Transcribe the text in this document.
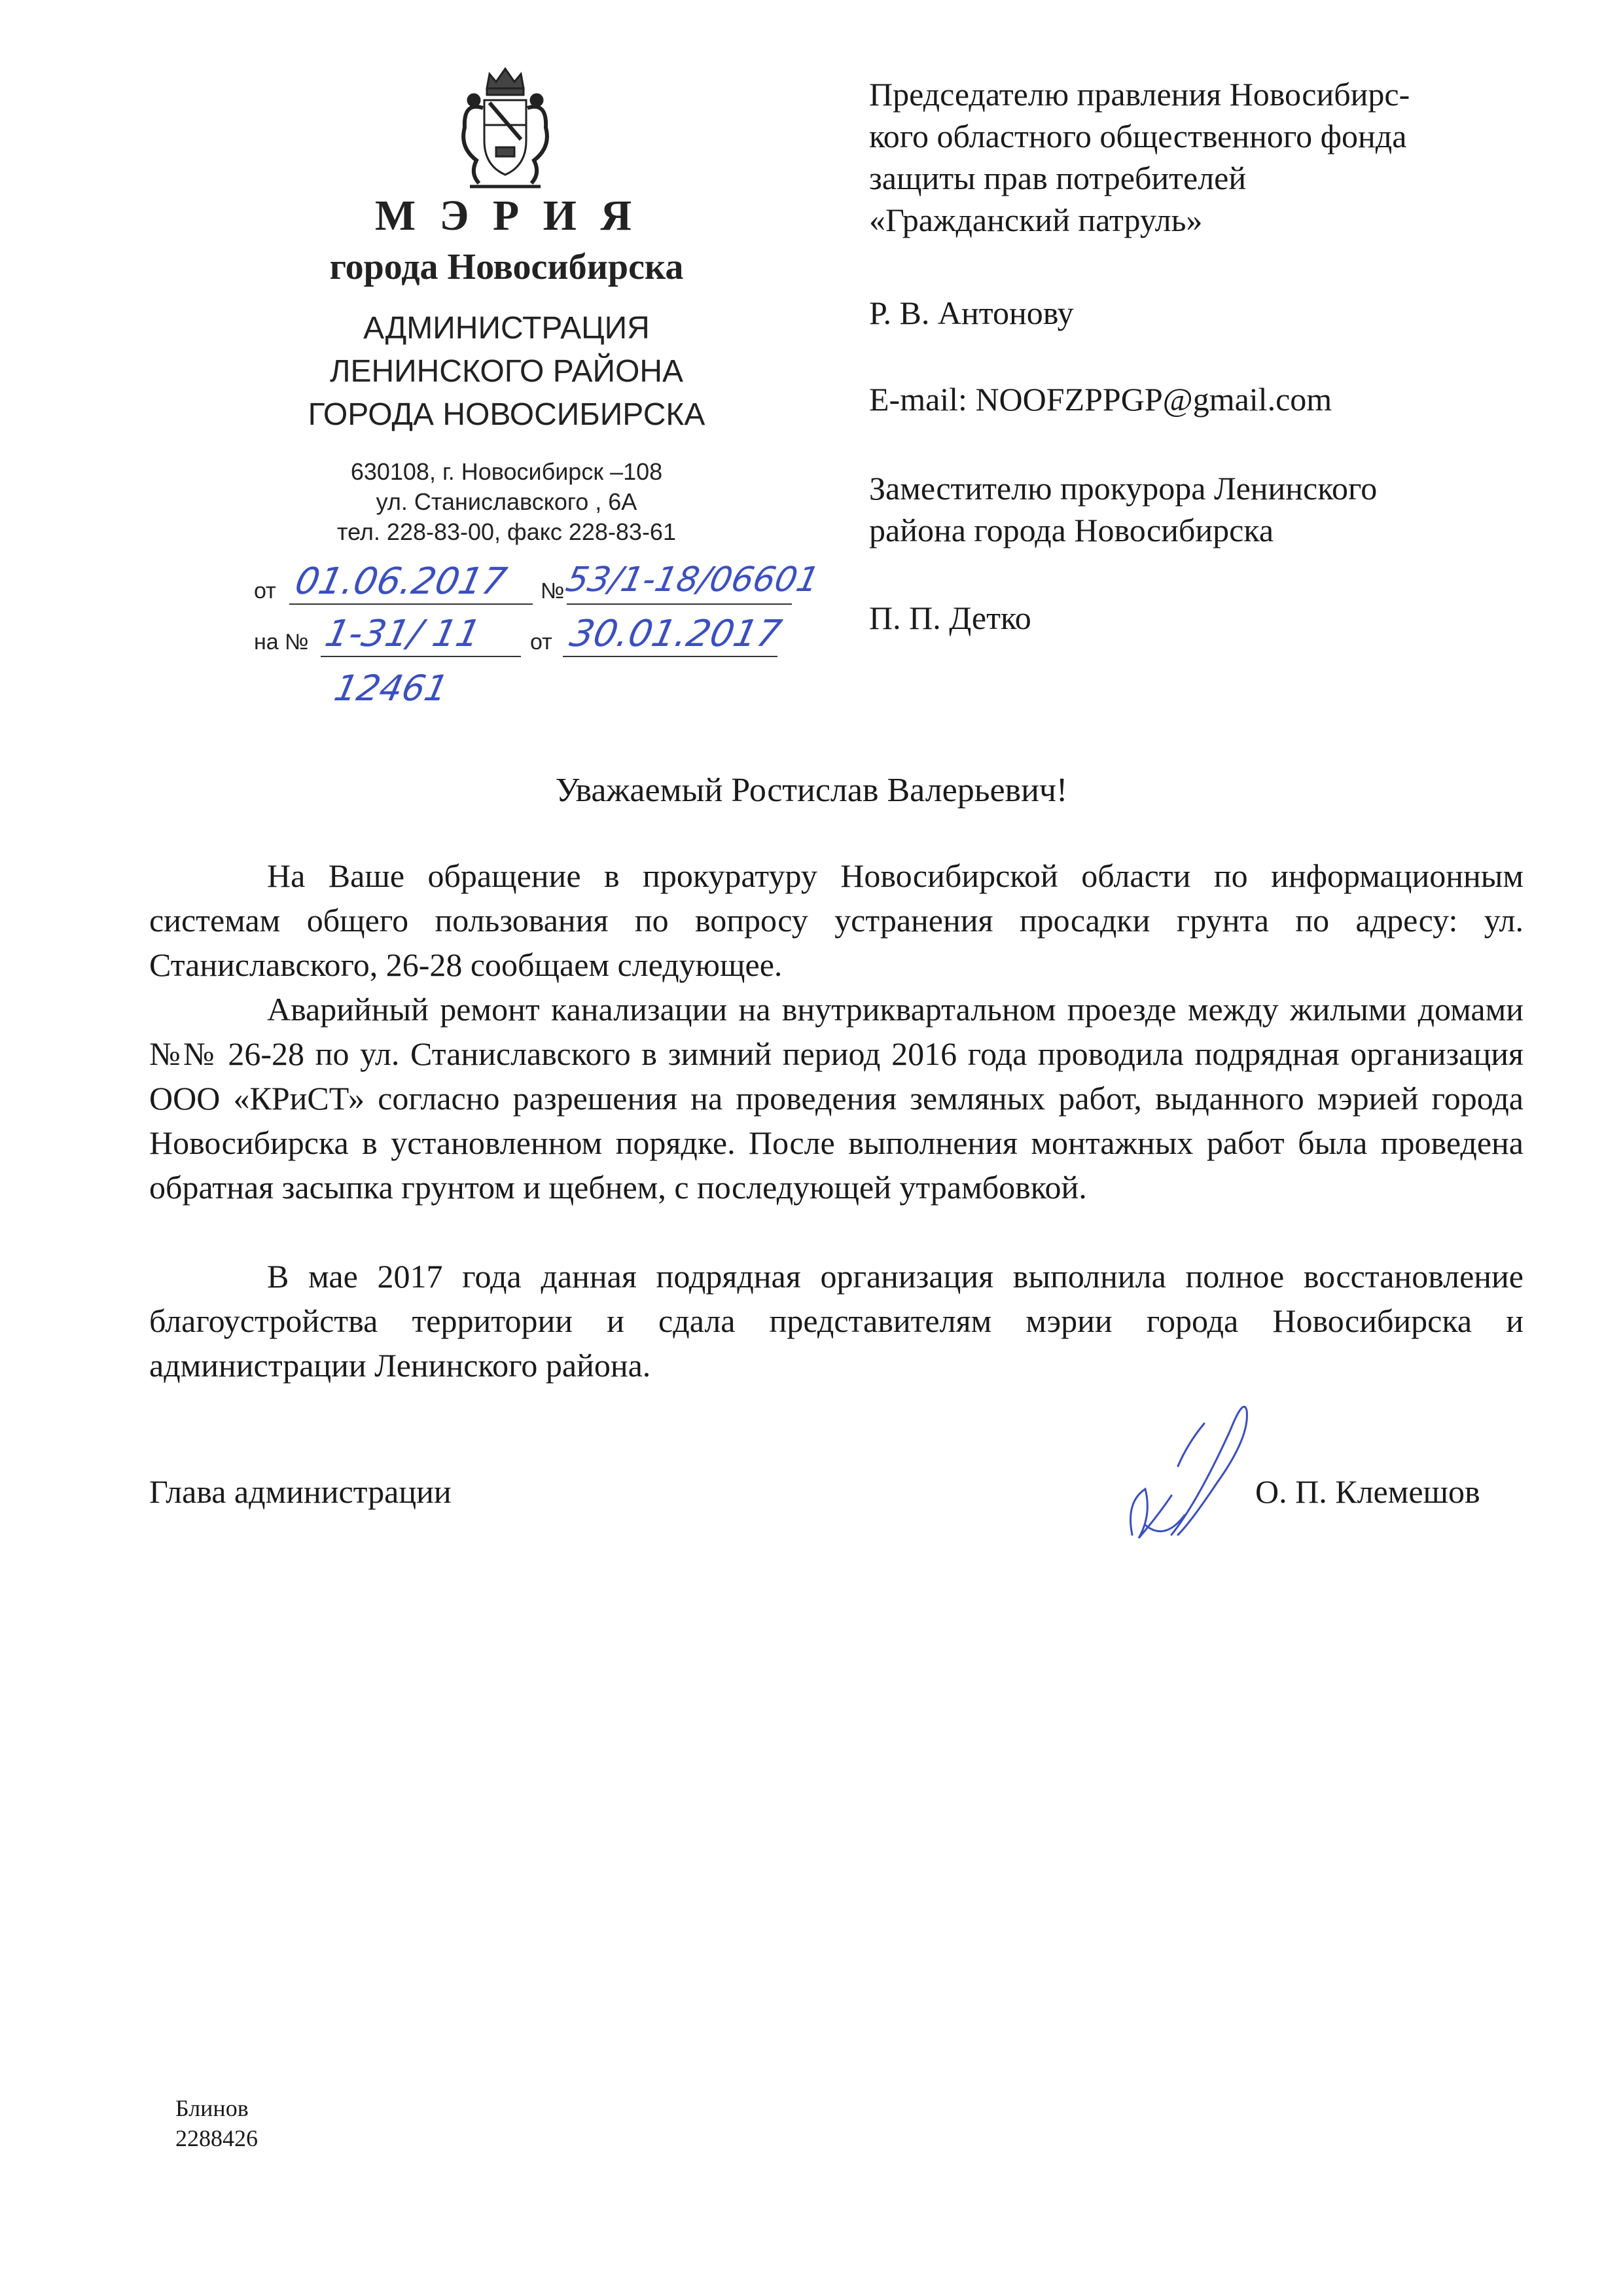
М Э Р И Я
города Новосибирска
АДМИНИСТРАЦИЯ
ЛЕНИНСКОГО РАЙОНА
ГОРОДА НОВОСИБИРСКА
630108, г. Новосибирск –108
ул. Станиславского , 6А
тел. 228-83-00, факс 228-83-61
от 01.06.2017 №
53/1-18/06601
на № 1-31/ 11 от 30.01.2017
12461
Председателю правления Новосибирс-
кого областного общественного фонда
защиты прав потребителей
«Гражданский патруль»
Р. В. Антонову
E-mail: NOOFZPPGP@gmail.com
Заместителю прокурора Ленинского
района города Новосибирска
П. П. Детко
Уважаемый Ростислав Валерьевич!

На Ваше обращение в прокуратуру Новосибирской области по информационным системам общего пользования по вопросу устранения просадки грунта по адресу: ул. Станиславского, 26-28 сообщаем следующее.

Аварийный ремонт канализации на внутриквартальном проезде между жилыми домами №№ 26-28 по ул. Станиславского в зимний период 2016 года проводила подрядная организация ООО «КРиСТ» согласно разрешения на проведения земляных работ, выданного мэрией города Новосибирска в установленном порядке. После выполнения монтажных работ была проведена обратная засыпка грунтом и щебнем, с последующей утрамбовкой.

В мае 2017 года данная подрядная организация выполнила полное восстановление благоустройства территории и сдала представителям мэрии города Новосибирска и администрации Ленинского района.

Глава администрации	О. П. Клемешов
Блинов
2288426
